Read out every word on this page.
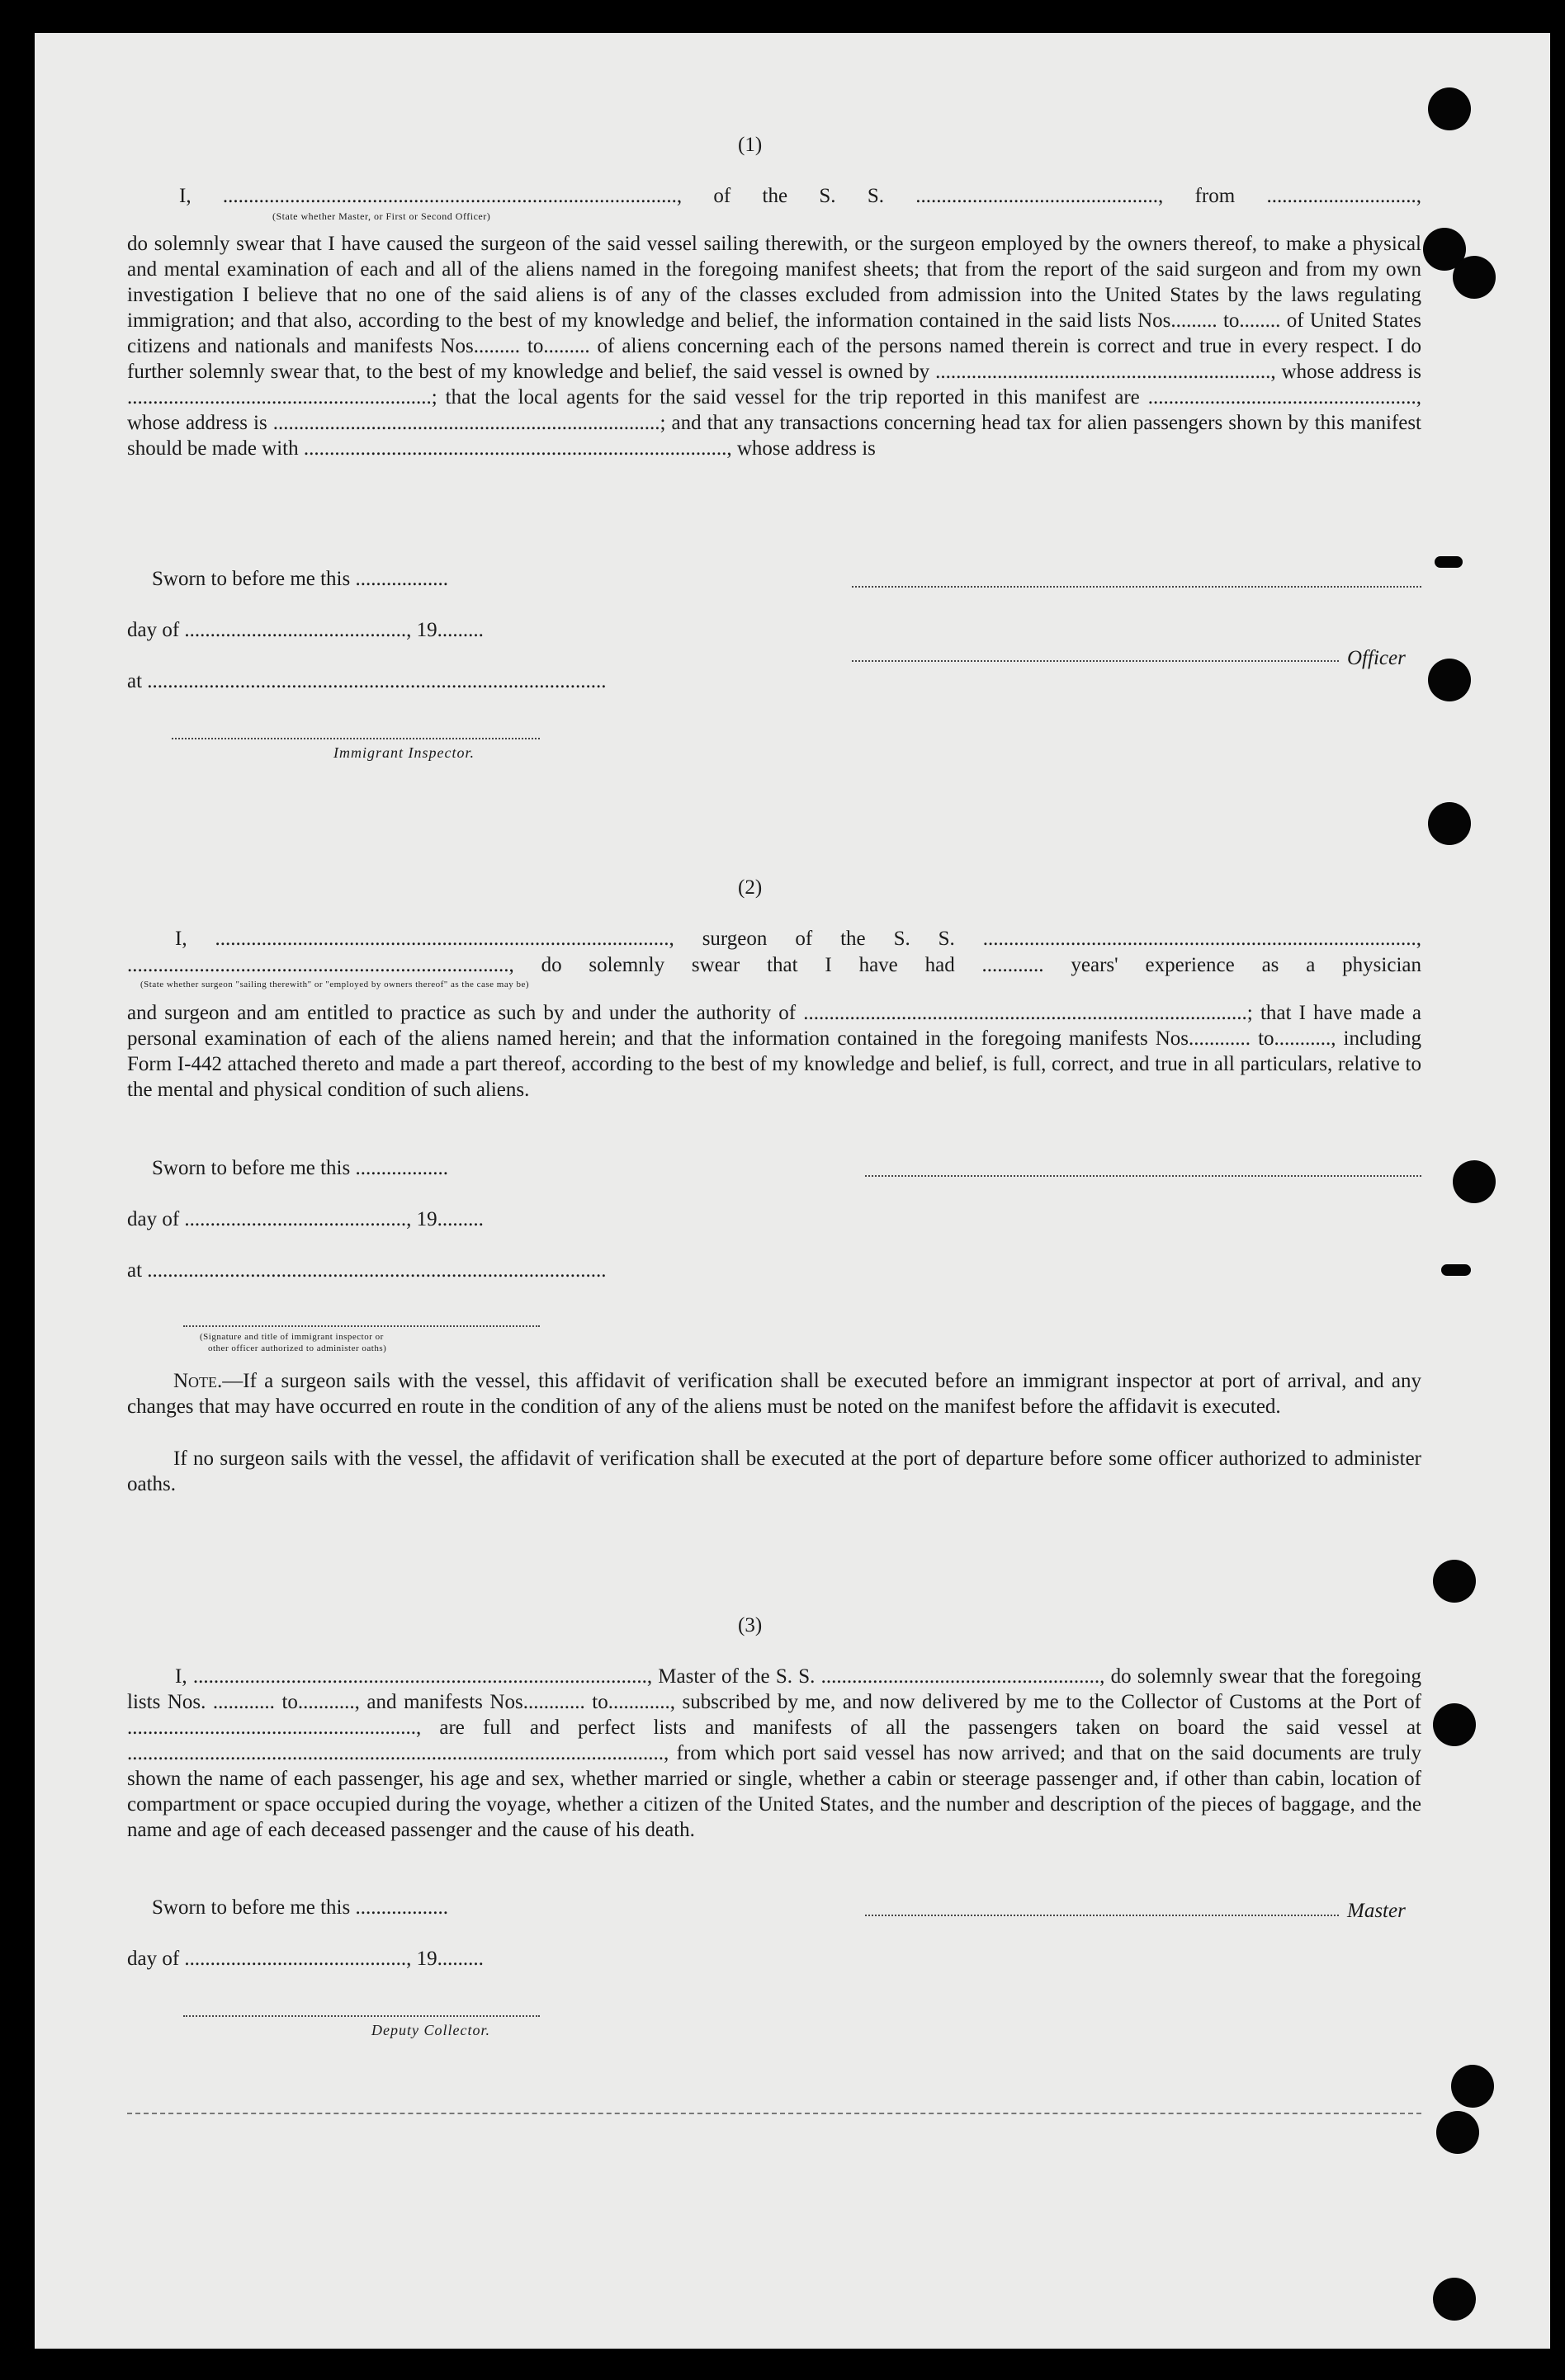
(1)
I, ........................................................................................, of the S. S. ..............................................., from .............................,
(State whether Master, or First or Second Officer)
do solemnly swear that I have caused the surgeon of the said vessel sailing therewith, or the surgeon employed by the owners thereof, to make a physical and mental examination of each and all of the aliens named in the foregoing manifest sheets; that from the report of the said surgeon and from my own investigation I believe that no one of the said aliens is of any of the classes excluded from admission into the United States by the laws regulating immigration; and that also, according to the best of my knowledge and belief, the information contained in the said lists Nos......... to........ of United States citizens and nationals and manifests Nos......... to......... of aliens concerning each of the persons named therein is correct and true in every respect. I do further solemnly swear that, to the best of my knowledge and belief, the said vessel is owned by ................................................................., whose address is ...........................................................; that the local agents for the said vessel for the trip reported in this manifest are ...................................................., whose address is ...........................................................................; and that any transactions concerning head tax for alien passengers shown by this manifest should be made with .................................................................................., whose address is
Sworn to before me this ..................
day of ..........................................., 19.........
Officer
at .........................................................................................
Immigrant Inspector.
(2)
I, ........................................................................................, surgeon of the S. S. ....................................................................................,
.........................................................................., do solemnly swear that I have had ............ years' experience as a physician
(State whether surgeon "sailing therewith" or "employed by owners thereof" as the case may be)
and surgeon and am entitled to practice as such by and under the authority of ......................................................................................; that I have made a personal examination of each of the aliens named herein; and that the information contained in the foregoing manifests Nos............ to..........., including Form I-442 attached thereto and made a part thereof, according to the best of my knowledge and belief, is full, correct, and true in all particulars, relative to the mental and physical condition of such aliens.
Sworn to before me this ..................
day of ..........................................., 19.........
at .........................................................................................
(Signature and title of immigrant inspector or
other officer authorized to administer oaths)
Note.—If a surgeon sails with the vessel, this affidavit of verification shall be executed before an immigrant inspector at port of arrival, and any changes that may have occurred en route in the condition of any of the aliens must be noted on the manifest before the affidavit is executed.
If no surgeon sails with the vessel, the affidavit of verification shall be executed at the port of departure before some officer authorized to administer oaths.
(3)
I, ........................................................................................, Master of the S. S. ......................................................, do solemnly swear that the foregoing lists Nos. ............ to..........., and manifests Nos............ to............, subscribed by me, and now delivered by me to the Collector of Customs at the Port of ........................................................, are full and perfect lists and manifests of all the passengers taken on board the said vessel at ........................................................................................................, from which port said vessel has now arrived; and that on the said documents are truly shown the name of each passenger, his age and sex, whether married or single, whether a cabin or steerage passenger and, if other than cabin, location of compartment or space occupied during the voyage, whether a citizen of the United States, and the number and description of the pieces of baggage, and the name and age of each deceased passenger and the cause of his death.
Sworn to before me this ..................	Master
day of ..........................................., 19.........
Deputy Collector.
